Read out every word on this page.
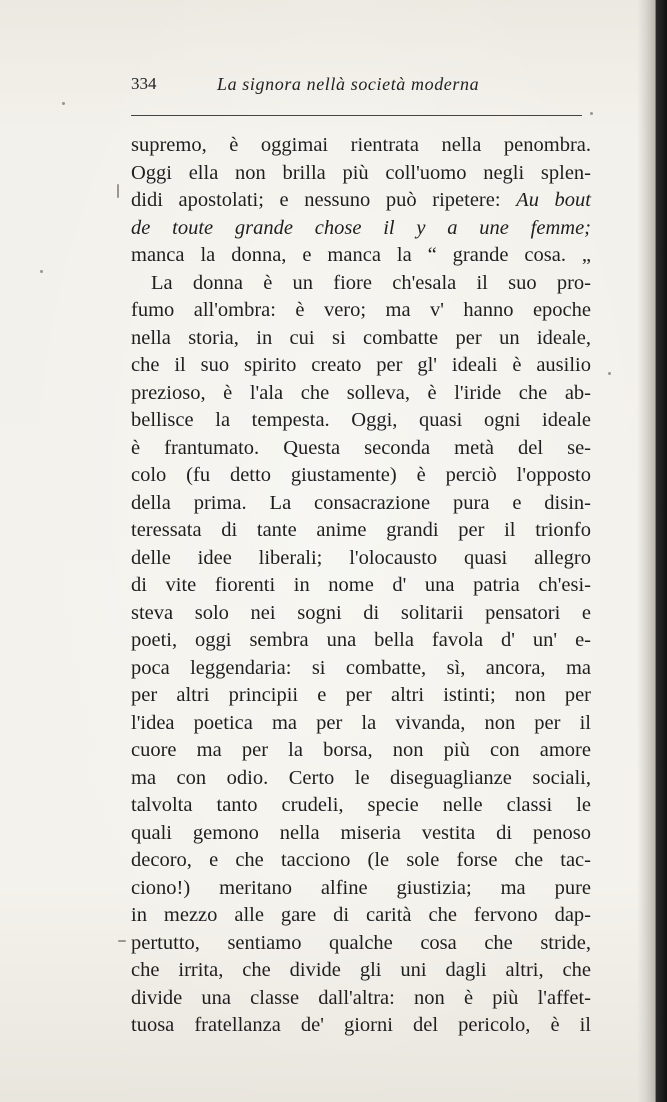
334	La signora nellà società moderna
supremo, è oggimai rientrata nella penombra.
Oggi ella non brilla più coll'uomo negli splen-
didi apostolati; e nessuno può ripetere: Au bout
de toute grande chose il y a une femme;
manca la donna, e manca la “ grande cosa. „
La donna è un fiore ch'esala il suo pro-
fumo all'ombra: è vero; ma v' hanno epoche
nella storia, in cui si combatte per un ideale,
che il suo spirito creato per gl' ideali è ausilio
prezioso, è l'ala che solleva, è l'iride che ab-
bellisce la tempesta. Oggi, quasi ogni ideale
è frantumato. Questa seconda metà del se-
colo (fu detto giustamente) è perciò l'opposto
della prima. La consacrazione pura e disin-
teressata di tante anime grandi per il trionfo
delle idee liberali; l'olocausto quasi allegro
di vite fiorenti in nome d' una patria ch'esi-
steva solo nei sogni di solitarii pensatori e
poeti, oggi sembra una bella favola d' un' e-
poca leggendaria: si combatte, sì, ancora, ma
per altri principii e per altri istinti; non per
l'idea poetica ma per la vivanda, non per il
cuore ma per la borsa, non più con amore
ma con odio. Certo le diseguaglianze sociali,
talvolta tanto crudeli, specie nelle classi le
quali gemono nella miseria vestita di penoso
decoro, e che tacciono (le sole forse che tac-
ciono!) meritano alfine giustizia; ma pure
in mezzo alle gare di carità che fervono dap-
pertutto, sentiamo qualche cosa che stride,
che irrita, che divide gli uni dagli altri, che
divide una classe dall'altra: non è più l'affet-
tuosa fratellanza de' giorni del pericolo, è il
